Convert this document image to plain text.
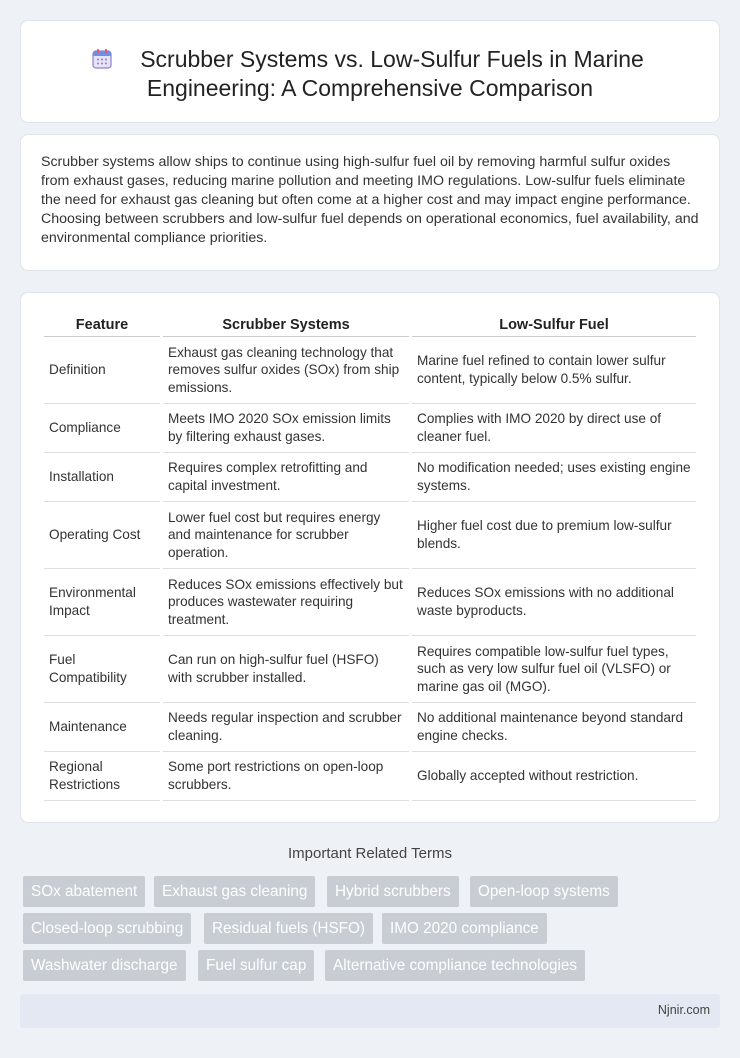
Scrubber Systems vs. Low-Sulfur Fuels in Marine
Engineering: A Comprehensive Comparison

Scrubber systems allow ships to continue using high-sulfur fuel oil by removing harmful sulfur oxides from exhaust gases, reducing marine pollution and meeting IMO regulations. Low-sulfur fuels eliminate the need for exhaust gas cleaning but often come at a higher cost and may impact engine performance. Choosing between scrubbers and low-sulfur fuel depends on operational economics, fuel availability, and environmental compliance priorities.

Feature	Scrubber Systems	Low-Sulfur Fuel
Definition	Exhaust gas cleaning technology that removes sulfur oxides (SOx) from ship emissions.	Marine fuel refined to contain lower sulfur content, typically below 0.5% sulfur.
Compliance	Meets IMO 2020 SOx emission limits by filtering exhaust gases.	Complies with IMO 2020 by direct use of cleaner fuel.
Installation	Requires complex retrofitting and capital investment.	No modification needed; uses existing engine systems.
Operating Cost	Lower fuel cost but requires energy and maintenance for scrubber operation.	Higher fuel cost due to premium low-sulfur blends.
Environmental Impact	Reduces SOx emissions effectively but produces wastewater requiring treatment.	Reduces SOx emissions with no additional waste byproducts.
Fuel Compatibility	Can run on high-sulfur fuel (HSFO) with scrubber installed.	Requires compatible low-sulfur fuel types, such as very low sulfur fuel oil (VLSFO) or marine gas oil (MGO).
Maintenance	Needs regular inspection and scrubber cleaning.	No additional maintenance beyond standard engine checks.
Regional Restrictions	Some port restrictions on open-loop scrubbers.	Globally accepted without restriction.
Important Related Terms
SOx abatement	Exhaust gas cleaning	Hybrid scrubbers	Open-loop systems
Closed-loop scrubbing	Residual fuels (HSFO)	IMO 2020 compliance
Washwater discharge	Fuel sulfur cap	Alternative compliance technologies
Njnir.com
